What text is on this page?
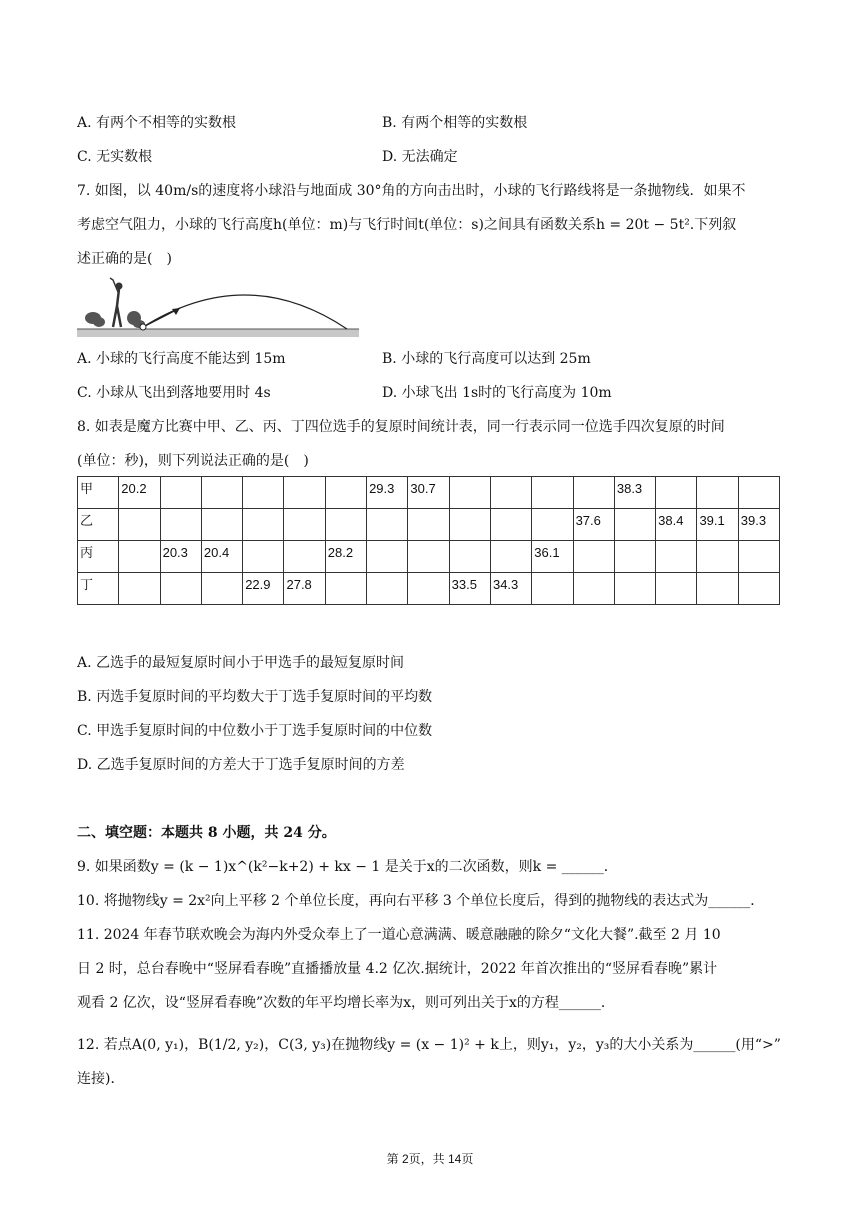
A. 有两个不相等的实数根	B. 有两个相等的实数根
C. 无实数根	D. 无法确定
7. 如图，以 40m/s的速度将小球沿与地面成 30°角的方向击出时，小球的飞行路线将是一条抛物线．如果不
考虑空气阻力，小球的飞行高度h(单位：m)与飞行时间t(单位：s)之间具有函数关系h = 20t − 5t².下列叙
述正确的是(　)
A. 小球的飞行高度不能达到 15m	B. 小球的飞行高度可以达到 25m
C. 小球从飞出到落地要用时 4s	D. 小球飞出 1s时的飞行高度为 10m
8. 如表是魔方比赛中甲、乙、丙、丁四位选手的复原时间统计表，同一行表示同一位选手四次复原的时间
(单位：秒)，则下列说法正确的是(　)
甲	20.2						29.3	30.7					38.3			
乙												37.6		38.4	39.1	39.3
丙		20.3	20.4			28.2					36.1					
丁				22.9	27.8				33.5	34.3						
A. 乙选手的最短复原时间小于甲选手的最短复原时间
B. 丙选手复原时间的平均数大于丁选手复原时间的平均数
C. 甲选手复原时间的中位数小于丁选手复原时间的中位数
D. 乙选手复原时间的方差大于丁选手复原时间的方差
二、填空题：本题共 8 小题，共 24 分。
9. 如果函数y = (k − 1)x^(k²−k+2) + kx − 1 是关于x的二次函数，则k = ______．
10. 将抛物线y = 2x²向上平移 2 个单位长度，再向右平移 3 个单位长度后，得到的抛物线的表达式为______．
11. 2024 年春节联欢晚会为海内外受众奉上了一道心意满满、暖意融融的除夕“文化大餐”.截至 2 月 10
日 2 时，总台春晚中“竖屏看春晚”直播播放量 4.2 亿次.据统计，2022 年首次推出的“竖屏看春晚”累计
观看 2 亿次，设“竖屏看春晚”次数的年平均增长率为x，则可列出关于x的方程______．
12. 若点A(0, y₁)，B(1/2, y₂)，C(3, y₃)在抛物线y = (x − 1)² + k上，则y₁，y₂，y₃的大小关系为______(用“>”
连接)．
第 2页，共 14页
